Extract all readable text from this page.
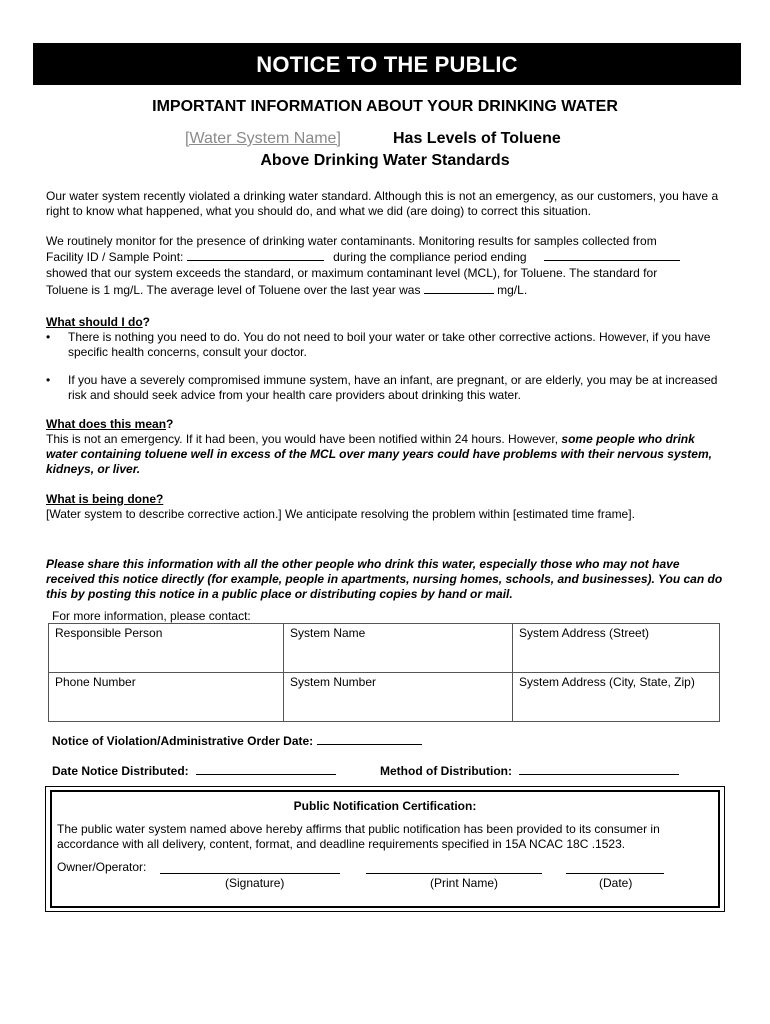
NOTICE TO THE PUBLIC
IMPORTANT INFORMATION ABOUT YOUR DRINKING WATER
[Water System Name]	Has Levels of Toluene
Above Drinking Water Standards
Our water system recently violated a drinking water standard. Although this is not an emergency, as our customers, you have a right to know what happened, what you should do, and what we did (are doing) to correct this situation.
We routinely monitor for the presence of drinking water contaminants. Monitoring results for samples collected from
Facility ID / Sample Point:	during the compliance period ending
showed that our system exceeds the standard, or maximum contaminant level (MCL), for Toluene. The standard for
Toluene is 1 mg/L. The average level of Toluene over the last year was	mg/L.
What should I do?
• There is nothing you need to do. You do not need to boil your water or take other corrective actions. However, if you have specific health concerns, consult your doctor.
• If you have a severely compromised immune system, have an infant, are pregnant, or are elderly, you may be at increased risk and should seek advice from your health care providers about drinking this water.
What does this mean?
This is not an emergency. If it had been, you would have been notified within 24 hours. However, some people who drink water containing toluene well in excess of the MCL over many years could have problems with their nervous system, kidneys, or liver.
What is being done?
[Water system to describe corrective action.] We anticipate resolving the problem within [estimated time frame].
Please share this information with all the other people who drink this water, especially those who may not have received this notice directly (for example, people in apartments, nursing homes, schools, and businesses). You can do this by posting this notice in a public place or distributing copies by hand or mail.
For more information, please contact:
Responsible Person	System Name	System Address (Street)
Phone Number	System Number	System Address (City, State, Zip)
Notice of Violation/Administrative Order Date:
Date Notice Distributed:	Method of Distribution:
Public Notification Certification:
The public water system named above hereby affirms that public notification has been provided to its consumer in accordance with all delivery, content, format, and deadline requirements specified in 15A NCAC 18C .1523.
Owner/Operator:
(Signature)	(Print Name)	(Date)
